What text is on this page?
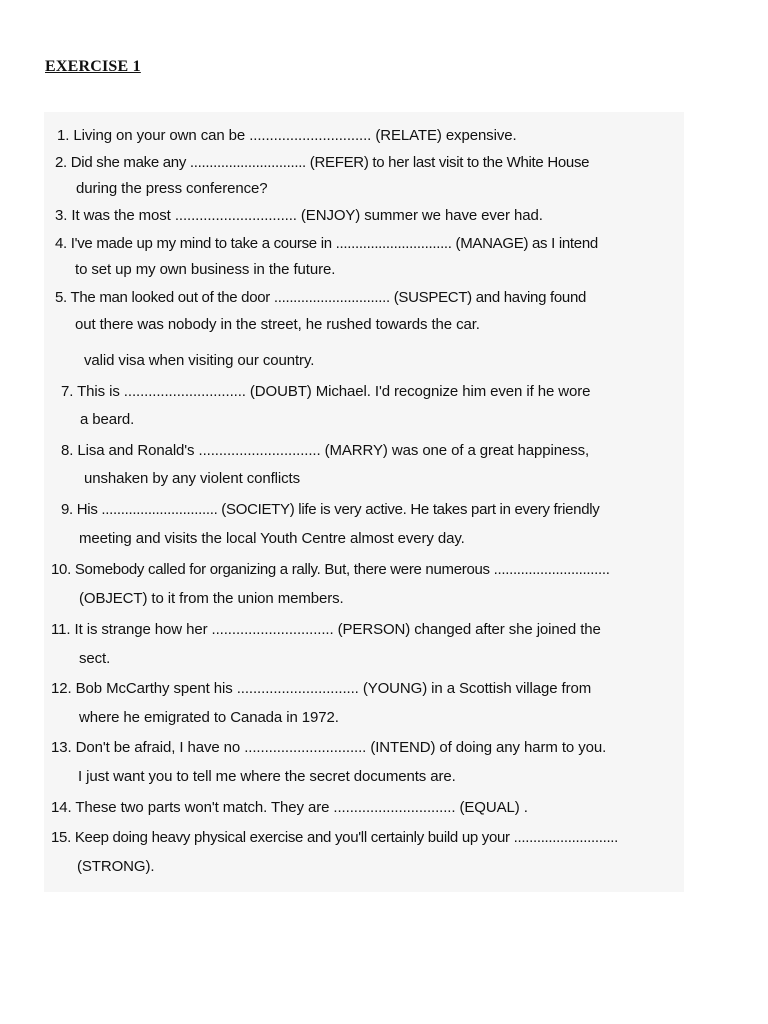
EXERCISE 1
1. Living on your own can be .............................. (RELATE) expensive.
2. Did she make any .............................. (REFER) to her last visit to the White House
during the press conference?
3. It was the most .............................. (ENJOY) summer we have ever had.
4. I've made up my mind to take a course in .............................. (MANAGE) as I intend
to set up my own business in the future.
5. The man looked out of the door .............................. (SUSPECT) and having found
out there was nobody in the street, he rushed towards the car.
valid visa when visiting our country.
7. This is .............................. (DOUBT) Michael. I'd recognize him even if he wore
a beard.
8. Lisa and Ronald's .............................. (MARRY) was one of a great happiness,
unshaken by any violent conflicts
9. His .............................. (SOCIETY) life is very active. He takes part in every friendly
meeting and visits the local Youth Centre almost every day.
10. Somebody called for organizing a rally. But, there were numerous ..............................
(OBJECT) to it from the union members.
11. It is strange how her .............................. (PERSON) changed after she joined the
sect.
12. Bob McCarthy spent his .............................. (YOUNG) in a Scottish village from
where he emigrated to Canada in 1972.
13. Don't be afraid, I have no .............................. (INTEND) of doing any harm to you.
I just want you to tell me where the secret documents are.
14. These two parts won't match. They are .............................. (EQUAL) .
15. Keep doing heavy physical exercise and you'll certainly build up your ...........................
(STRONG).
